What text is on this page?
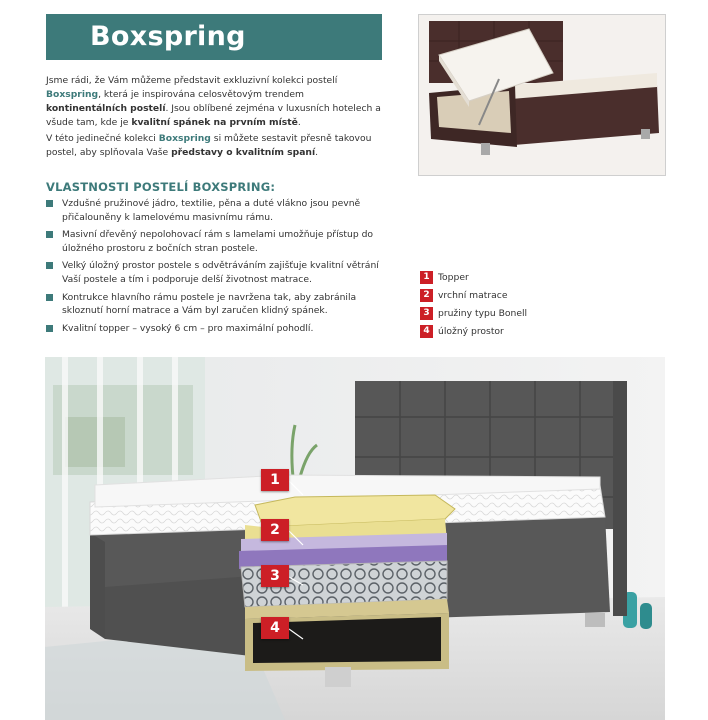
Boxspring

Jsme rádi, že Vám můžeme představit exkluzivní kolekci postelí Boxspring, která je inspirována celosvětovým trendem kontinentálních postelí. Jsou oblíbené zejména v luxusních hotelech a všude tam, kde je kvalitní spánek na prvním místě.

V této jedinečné kolekci Boxspring si můžete sestavit přesně takovou postel, aby splňovala Vaše představy o kvalitním spaní.

VLASTNOSTI POSTELÍ BOXSPRING:
Vzdušné pružinové jádro, textilie, pěna a duté vlákno jsou pevně přičalouněny k lamelovému masivnímu rámu.
Masivní dřevěný nepolohovací rám s lamelami umožňuje přístup do úložného prostoru z bočních stran postele.
Velký úložný prostor postele s odvětráváním zajišťuje kvalitní větrání Vaší postele a tím i podporuje delší životnost matrace.
Kontrukce hlavního rámu postele je navržena tak, aby zabránila skloznutí horní matrace a Vám byl zaručen klidný spánek.
Kvalitní topper – vysoký 6 cm – pro maximální pohodlí.
1 Topper
2 vrchní matrace
3 pružiny typu Bonell
4 úložný prostor
1
2
3
4
